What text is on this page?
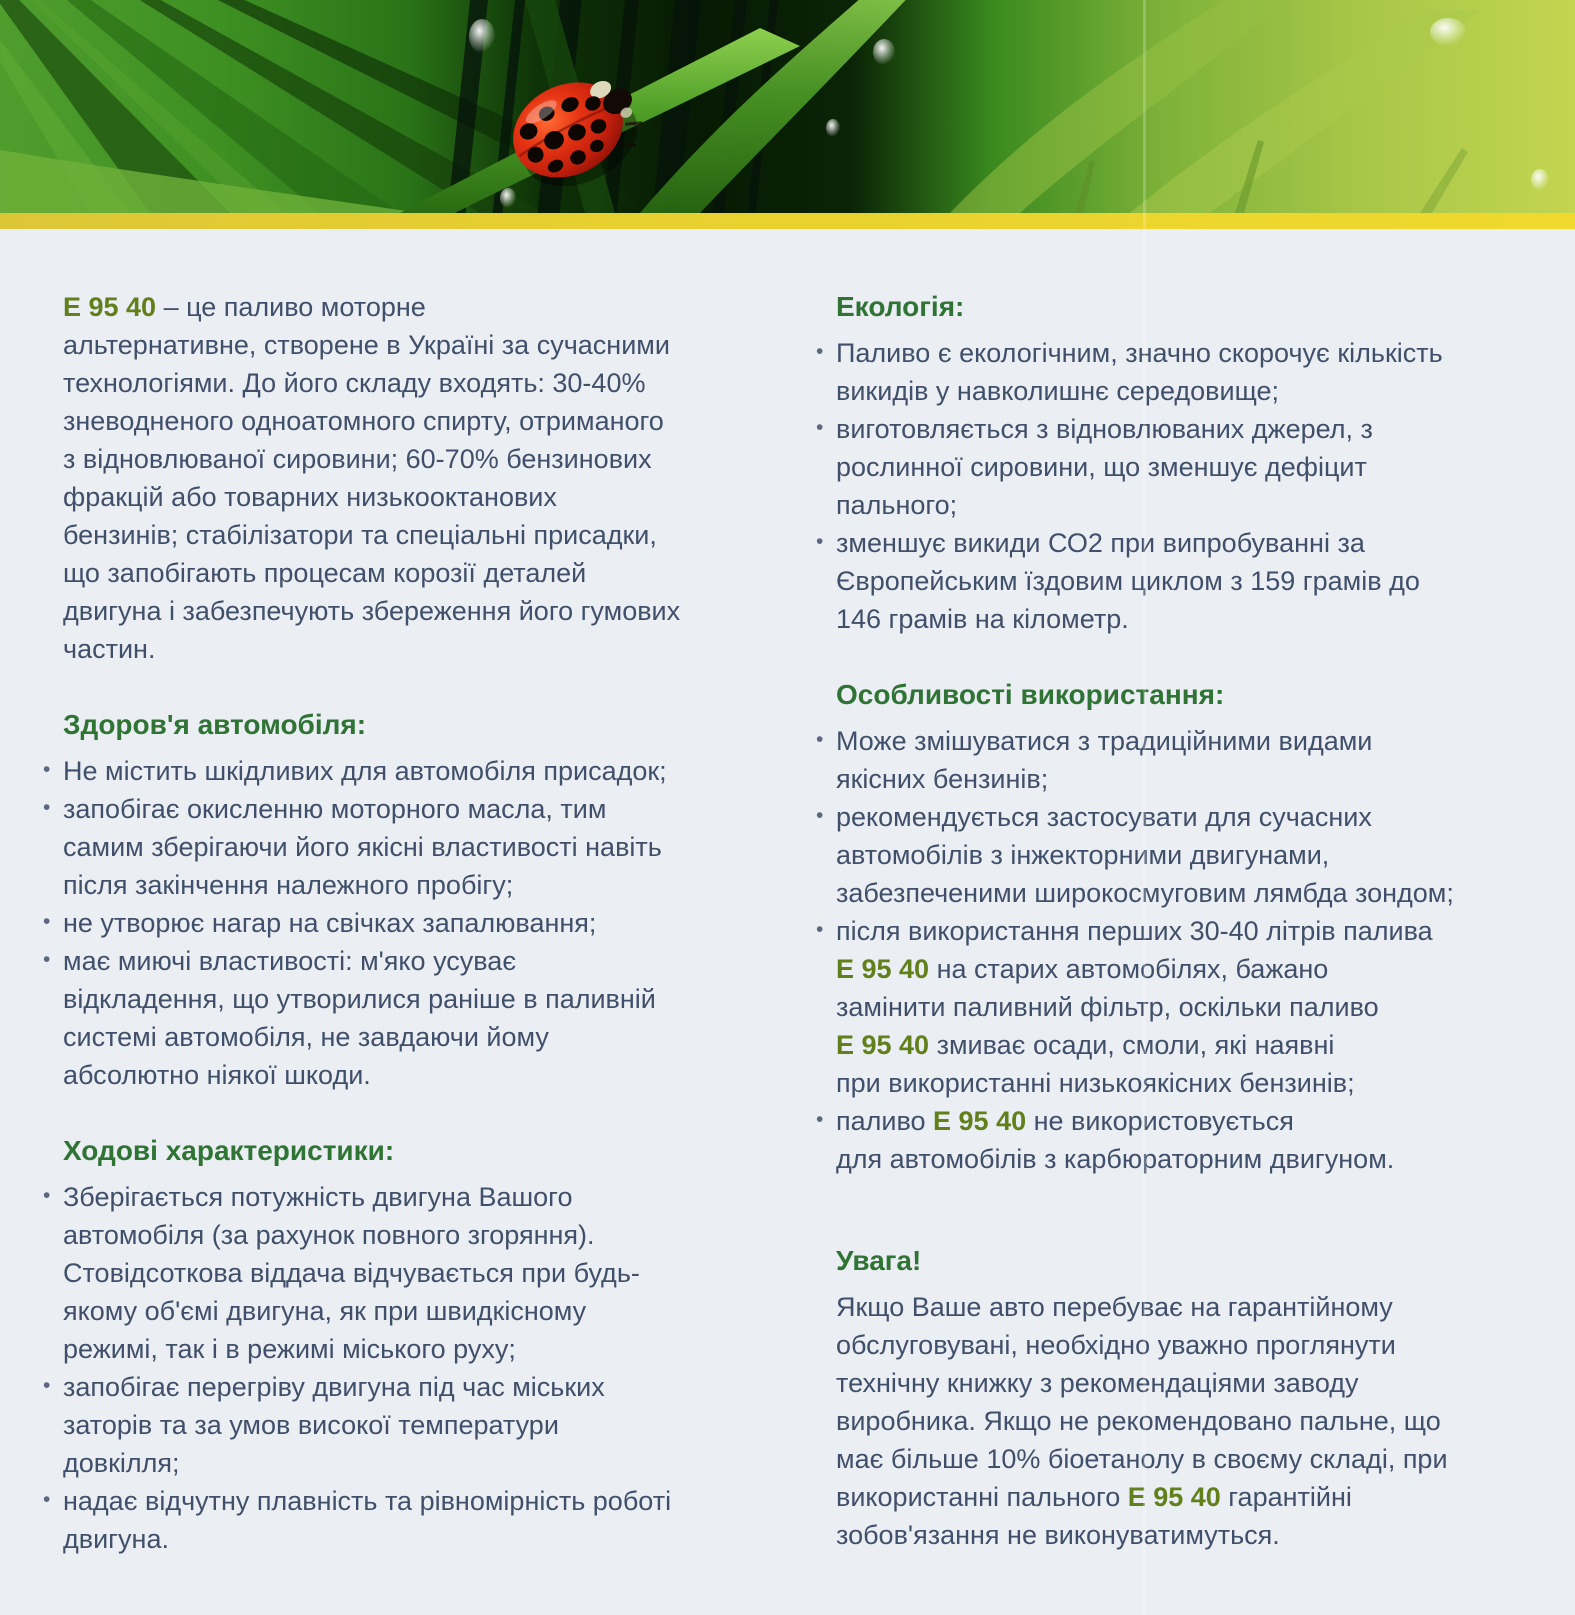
Е 95 40 – це паливо моторне
альтернативне, створене в Україні за сучасними
технологіями. До його складу входять: 30-40%
зневодненого одноатомного спирту, отриманого
з відновлюваної сировини; 60-70% бензинових
фракцій або товарних низькооктанових
бензинів; стабілізатори та спеціальні присадки,
що запобігають процесам корозії деталей
двигуна і забезпечують збереження його гумових
частин.

Здоров'я автомобіля:
• Не містить шкідливих для автомобіля присадок;
• запобігає окисленню моторного масла, тим
самим зберігаючи його якісні властивості навіть
після закінчення належного пробігу;
• не утворює нагар на свічках запалювання;
• має миючі властивості: м'яко усуває
відкладення, що утворилися раніше в паливній
системі автомобіля, не завдаючи йому
абсолютно ніякої шкоди.
Ходові характеристики:
• Зберігається потужність двигуна Вашого
автомобіля (за рахунок повного згоряння).
Стовідсоткова віддача відчувається при будь-
якому об'ємі двигуна, як при швидкісному
режимі, так і в режимі міського руху;
• запобігає перегріву двигуна під час міських
заторів та за умов високої температури
довкілля;
• надає відчутну плавність та рівномірність роботі
двигуна.
Екологія:
• Паливо є екологічним, значно скорочує кількість
викидів у навколишнє середовище;
• виготовляється з відновлюваних джерел, з
рослинної сировини, що зменшує дефіцит
пального;
• зменшує викиди СО2 при випробуванні за
Європейським їздовим циклом з 159 грамів до
146 грамів на кілометр.
Особливості використання:
• Може змішуватися з традиційними видами
якісних бензинів;
• рекомендується застосувати для сучасних
автомобілів з інжекторними двигунами,
забезпеченими широкосмуговим лямбда зондом;
• після використання перших 30-40 літрів палива
Е 95 40 на старих автомобілях, бажано
замінити паливний фільтр, оскільки паливо
Е 95 40 змиває осади, смоли, які наявні
при використанні низькоякісних бензинів;
• паливо Е 95 40 не використовується
для автомобілів з карбюраторним двигуном.
Увага!

Якщо Ваше авто перебуває на гарантійному
обслуговувані, необхідно уважно проглянути
технічну книжку з рекомендаціями заводу
виробника. Якщо не рекомендовано пальне, що
має більше 10% біоетанолу в своєму складі, при
використанні пального Е 95 40 гарантійні
зобов'язання не виконуватимуться.
